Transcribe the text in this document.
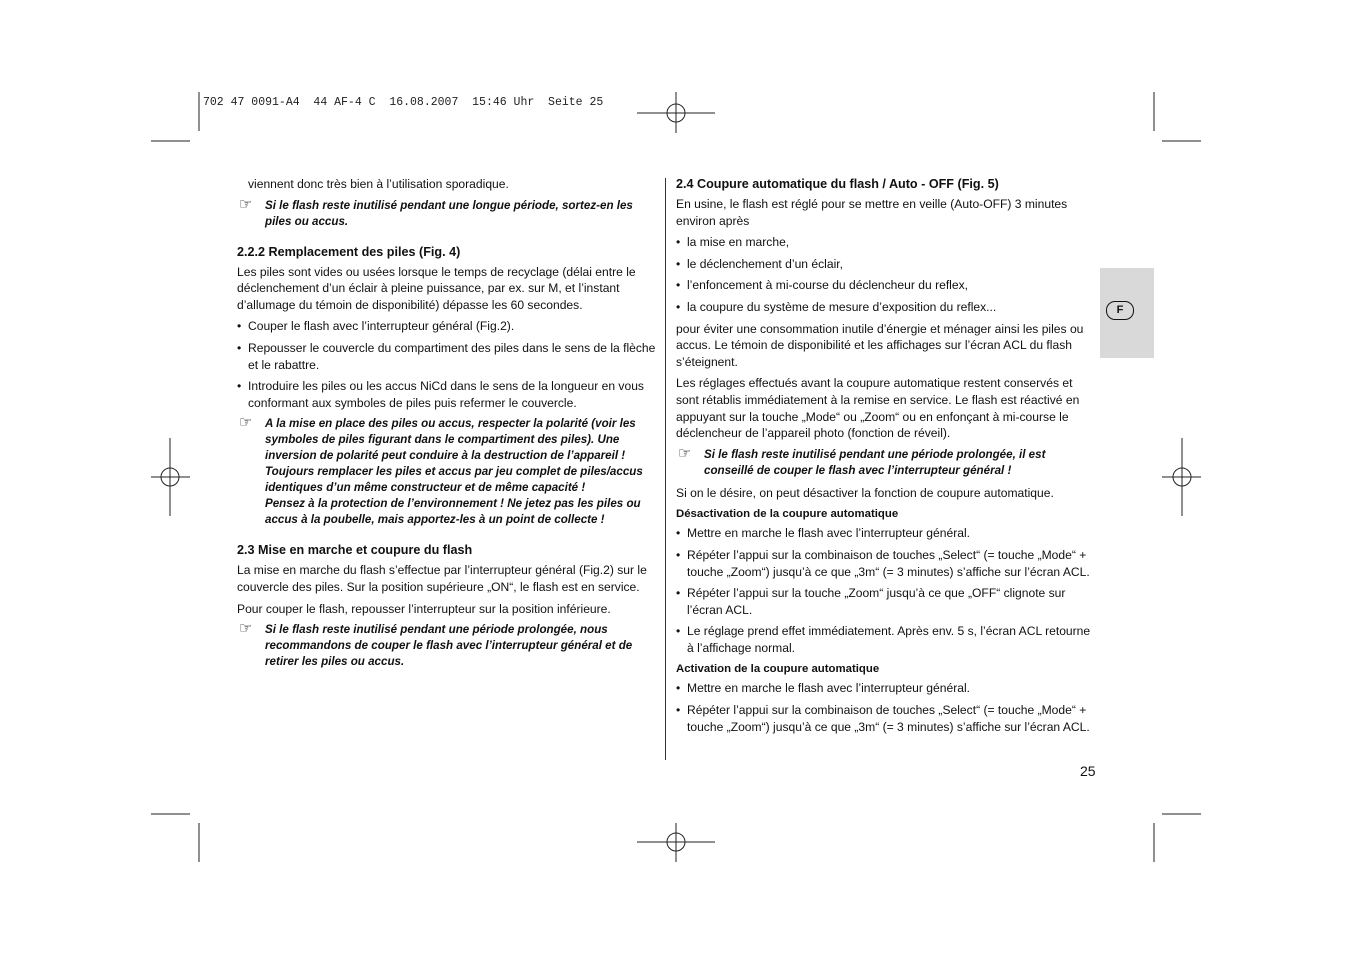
702 47 0091-A4  44 AF-4 C  16.08.2007  15:46 Uhr  Seite 25
F

viennent donc très bien à l’utilisation sporadique.

☞ Si le flash reste inutilisé pendant une longue période, sortez-en les piles ou accus.
2.2.2 Remplacement des piles (Fig. 4)

Les piles sont vides ou usées lorsque le temps de recyclage (délai entre le déclenchement d’un éclair à pleine puissance, par ex. sur M, et l’instant d’allumage du témoin de disponibilité) dépasse les 60 secondes.

• Couper le flash avec l’interrupteur général (Fig.2).
• Repousser le couvercle du compartiment des piles dans le sens de la flèche et le rabattre.
• Introduire les piles ou les accus NiCd dans le sens de la longueur en vous conformant aux symboles de piles puis refermer le couvercle.
☞ A la mise en place des piles ou accus, respecter la polarité (voir les symboles de piles figurant dans le compartiment des piles). Une inversion de polarité peut conduire à la destruction de l’appareil ! Toujours remplacer les piles et accus par jeu complet de piles/accus identiques d’un même constructeur et de même capacité !
Pensez à la protection de l’environnement ! Ne jetez pas les piles ou accus à la poubelle, mais apportez-les à un point de collecte !
2.3 Mise en marche et coupure du flash

La mise en marche du flash s’effectue par l’interrupteur général (Fig.2) sur le couvercle des piles. Sur la position supérieure „ON“, le flash est en service.

Pour couper le flash, repousser l’interrupteur sur la position inférieure.

☞ Si le flash reste inutilisé pendant une période prolongée, nous recommandons de couper le flash avec l’interrupteur général et de retirer les piles ou accus.
2.4 Coupure automatique du flash / Auto - OFF (Fig. 5)

En usine, le flash est réglé pour se mettre en veille (Auto-OFF) 3 minutes environ après

• la mise en marche,
• le déclenchement d’un éclair,
• l’enfoncement à mi-course du déclencheur du reflex,
• la coupure du système de mesure d’exposition du reflex...

pour éviter une consommation inutile d’énergie et ménager ainsi les piles ou accus. Le témoin de disponibilité et les affichages sur l’écran ACL du flash s’éteignent.

Les réglages effectués avant la coupure automatique restent conservés et sont rétablis immédiatement à la remise en service. Le flash est réactivé en appuyant sur la touche „Mode“ ou „Zoom“ ou en enfonçant à mi-course le déclencheur de l’appareil photo (fonction de réveil).

☞ Si le flash reste inutilisé pendant une période prolongée, il est conseillé de couper le flash avec l’interrupteur général !

Si on le désire, on peut désactiver la fonction de coupure automatique.

Désactivation de la coupure automatique
• Mettre en marche le flash avec l’interrupteur général.
• Répéter l’appui sur la combinaison de touches „Select“ (= touche „Mode“ + touche „Zoom“) jusqu’à ce que „3m“ (= 3 minutes) s’affiche sur l’écran ACL.
• Répéter l’appui sur la touche „Zoom“ jusqu’à ce que „OFF“ clignote sur l’écran ACL.
• Le réglage prend effet immédiatement. Après env. 5 s, l’écran ACL retourne à l’affichage normal.
Activation de la coupure automatique
• Mettre en marche le flash avec l’interrupteur général.
• Répéter l’appui sur la combinaison de touches „Select“ (= touche „Mode“ + touche „Zoom“) jusqu’à ce que „3m“ (= 3 minutes) s’affiche sur l’écran ACL.
25
